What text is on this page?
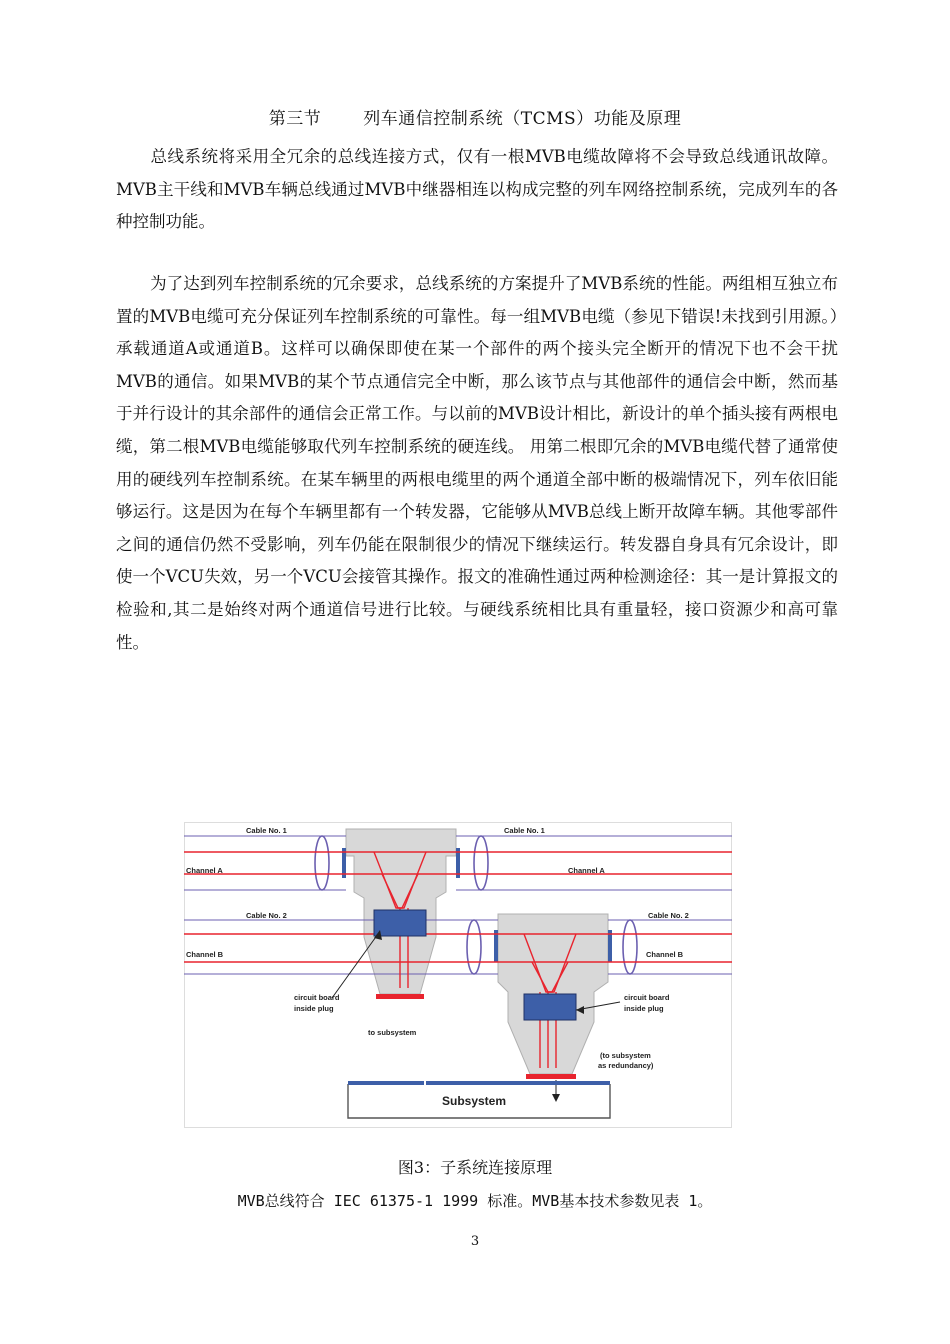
第三节 列车通信控制系统（TCMS）功能及原理

总线系统将采用全冗余的总线连接方式，仅有一根MVB电缆故障将不会导致总线通讯故障。MVB主干线和MVB车辆总线通过MVB中继器相连以构成完整的列车网络控制系统，完成列车的各种控制功能。

为了达到列车控制系统的冗余要求，总线系统的方案提升了MVB系统的性能。两组相互独立布置的MVB电缆可充分保证列车控制系统的可靠性。每一组MVB电缆（参见下错误!未找到引用源。）承载通道A或通道B。这样可以确保即使在某一个部件的两个接头完全断开的情况下也不会干扰MVB的通信。如果MVB的某个节点通信完全中断，那么该节点与其他部件的通信会中断，然而基于并行设计的其余部件的通信会正常工作。与以前的MVB设计相比，新设计的单个插头接有两根电缆，第二根MVB电缆能够取代列车控制系统的硬连线。 用第二根即冗余的MVB电缆代替了通常使用的硬线列车控制系统。在某车辆里的两根电缆里的两个通道全部中断的极端情况下，列车依旧能够运行。这是因为在每个车辆里都有一个转发器，它能够从MVB总线上断开故障车辆。其他零部件之间的通信仍然不受影响，列车仍能在限制很少的情况下继续运行。转发器自身具有冗余设计，即使一个VCU失效，另一个VCU会接管其操作。报文的准确性通过两种检测途径：其一是计算报文的检验和,其二是始终对两个通道信号进行比较。与硬线系统相比具有重量轻，接口资源少和高可靠性。

Cable No. 1	Cable No. 1
Cable No. 2	Cable No. 2
Channel A	Channel A
Channel B	Channel B
circuit board
inside plug
circuit board
inside plug
to subsystem
(to subsystem
as redundancy)
Subsystem
图3：子系统连接原理
MVB总线符合 IEC 61375-1 1999 标准。MVB基本技术参数见表 1。
3
